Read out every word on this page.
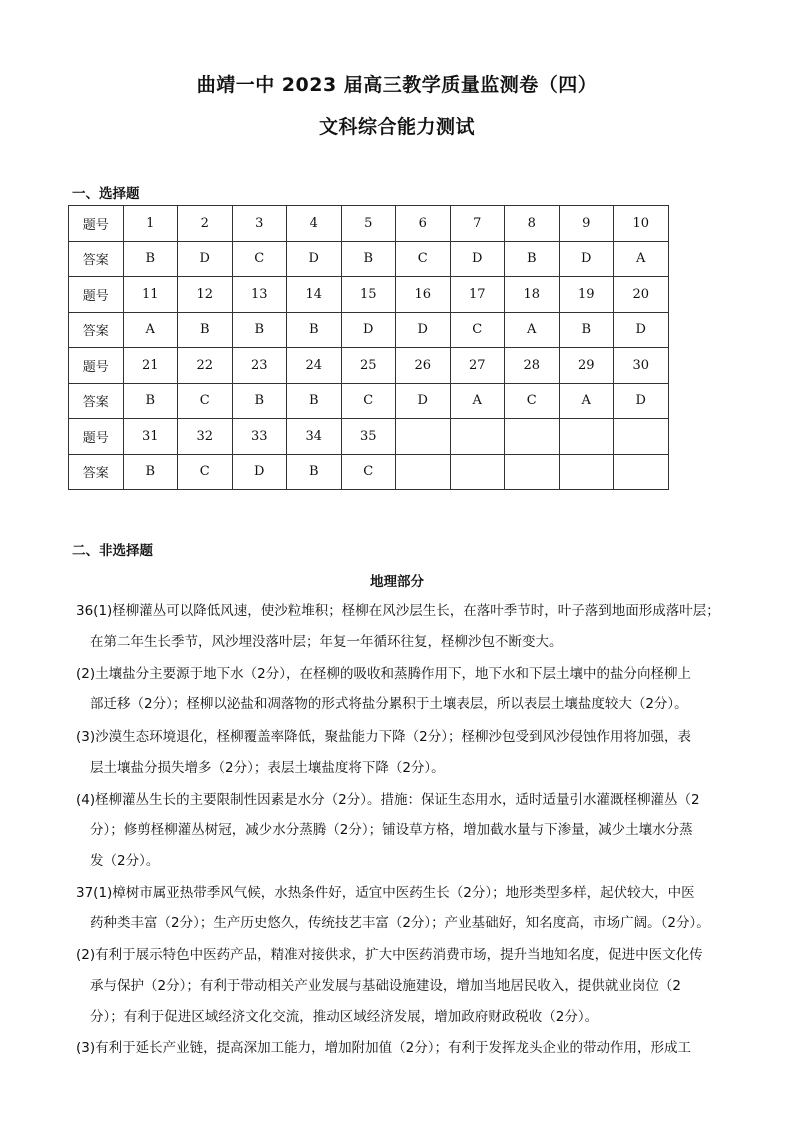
曲靖一中 2023 届高三教学质量监测卷（四）
文科综合能力测试
一、选择题
题号	1	2	3	4	5	6	7	8	9	10
答案	B	D	C	D	B	C	D	B	D	A
题号	11	12	13	14	15	16	17	18	19	20
答案	A	B	B	B	D	D	C	A	B	D
题号	21	22	23	24	25	26	27	28	29	30
答案	B	C	B	B	C	D	A	C	A	D
题号	31	32	33	34	35					
答案	B	C	D	B	C					
二、非选择题
地理部分
36(1)柽柳灌丛可以降低风速，使沙粒堆积；柽柳在风沙层生长，在落叶季节时，叶子落到地面形成落叶层；
在第二年生长季节，风沙埋没落叶层；年复一年循环往复，柽柳沙包不断变大。
(2)土壤盐分主要源于地下水（2分），在柽柳的吸收和蒸腾作用下，地下水和下层土壤中的盐分向柽柳上
部迁移（2分）；柽柳以泌盐和凋落物的形式将盐分累积于土壤表层，所以表层土壤盐度较大（2分）。
(3)沙漠生态环境退化，柽柳覆盖率降低，聚盐能力下降（2分）；柽柳沙包受到风沙侵蚀作用将加强，表
层土壤盐分损失增多（2分）；表层土壤盐度将下降（2分）。
(4)柽柳灌丛生长的主要限制性因素是水分（2分）。措施：保证生态用水，适时适量引水灌溉柽柳灌丛（2
分）；修剪柽柳灌丛树冠，减少水分蒸腾（2分）；铺设草方格，增加截水量与下渗量，减少土壤水分蒸
发（2分）。
37(1)樟树市属亚热带季风气候，水热条件好，适宜中医药生长（2分）；地形类型多样，起伏较大，中医
药种类丰富（2分）；生产历史悠久，传统技艺丰富（2分）；产业基础好，知名度高，市场广阔。（2分）。
(2)有利于展示特色中医药产品，精准对接供求，扩大中医药消费市场，提升当地知名度，促进中医文化传
承与保护（2分）；有利于带动相关产业发展与基础设施建设，增加当地居民收入，提供就业岗位（2
分）；有利于促进区域经济文化交流，推动区域经济发展，增加政府财政税收（2分）。
(3)有利于延长产业链，提高深加工能力，增加附加值（2分）；有利于发挥龙头企业的带动作用，形成工
